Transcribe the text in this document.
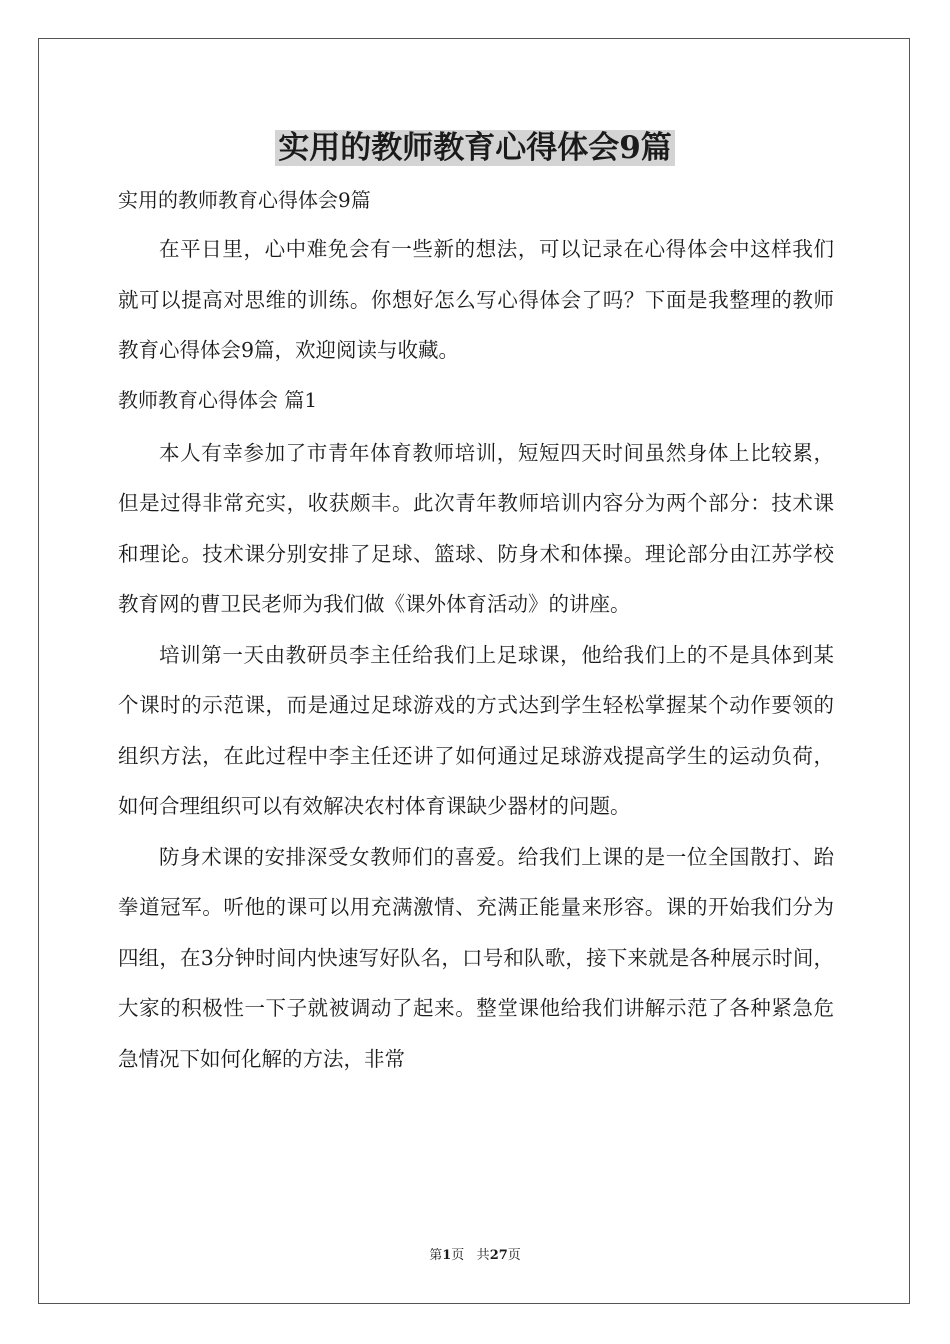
实用的教师教育心得体会9篇

实用的教师教育心得体会9篇

在平日里，心中难免会有一些新的想法，可以记录在心得体会中这样我们就可以提高对思维的训练。你想好怎么写心得体会了吗？下面是我整理的教师教育心得体会9篇，欢迎阅读与收藏。

教师教育心得体会 篇1

本人有幸参加了市青年体育教师培训，短短四天时间虽然身体上比较累，但是过得非常充实，收获颇丰。此次青年教师培训内容分为两个部分：技术课和理论。技术课分别安排了足球、篮球、防身术和体操。理论部分由江苏学校教育网的曹卫民老师为我们做《课外体育活动》的讲座。

培训第一天由教研员李主任给我们上足球课，他给我们上的不是具体到某个课时的示范课，而是通过足球游戏的方式达到学生轻松掌握某个动作要领的组织方法，在此过程中李主任还讲了如何通过足球游戏提高学生的运动负荷，如何合理组织可以有效解决农村体育课缺少器材的问题。

防身术课的安排深受女教师们的喜爱。给我们上课的是一位全国散打、跆拳道冠军。听他的课可以用充满激情、充满正能量来形容。课的开始我们分为四组，在3分钟时间内快速写好队名，口号和队歌，接下来就是各种展示时间，大家的积极性一下子就被调动了起来。整堂课他给我们讲解示范了各种紧急危急情况下如何化解的方法，非常

第1页 共27页
